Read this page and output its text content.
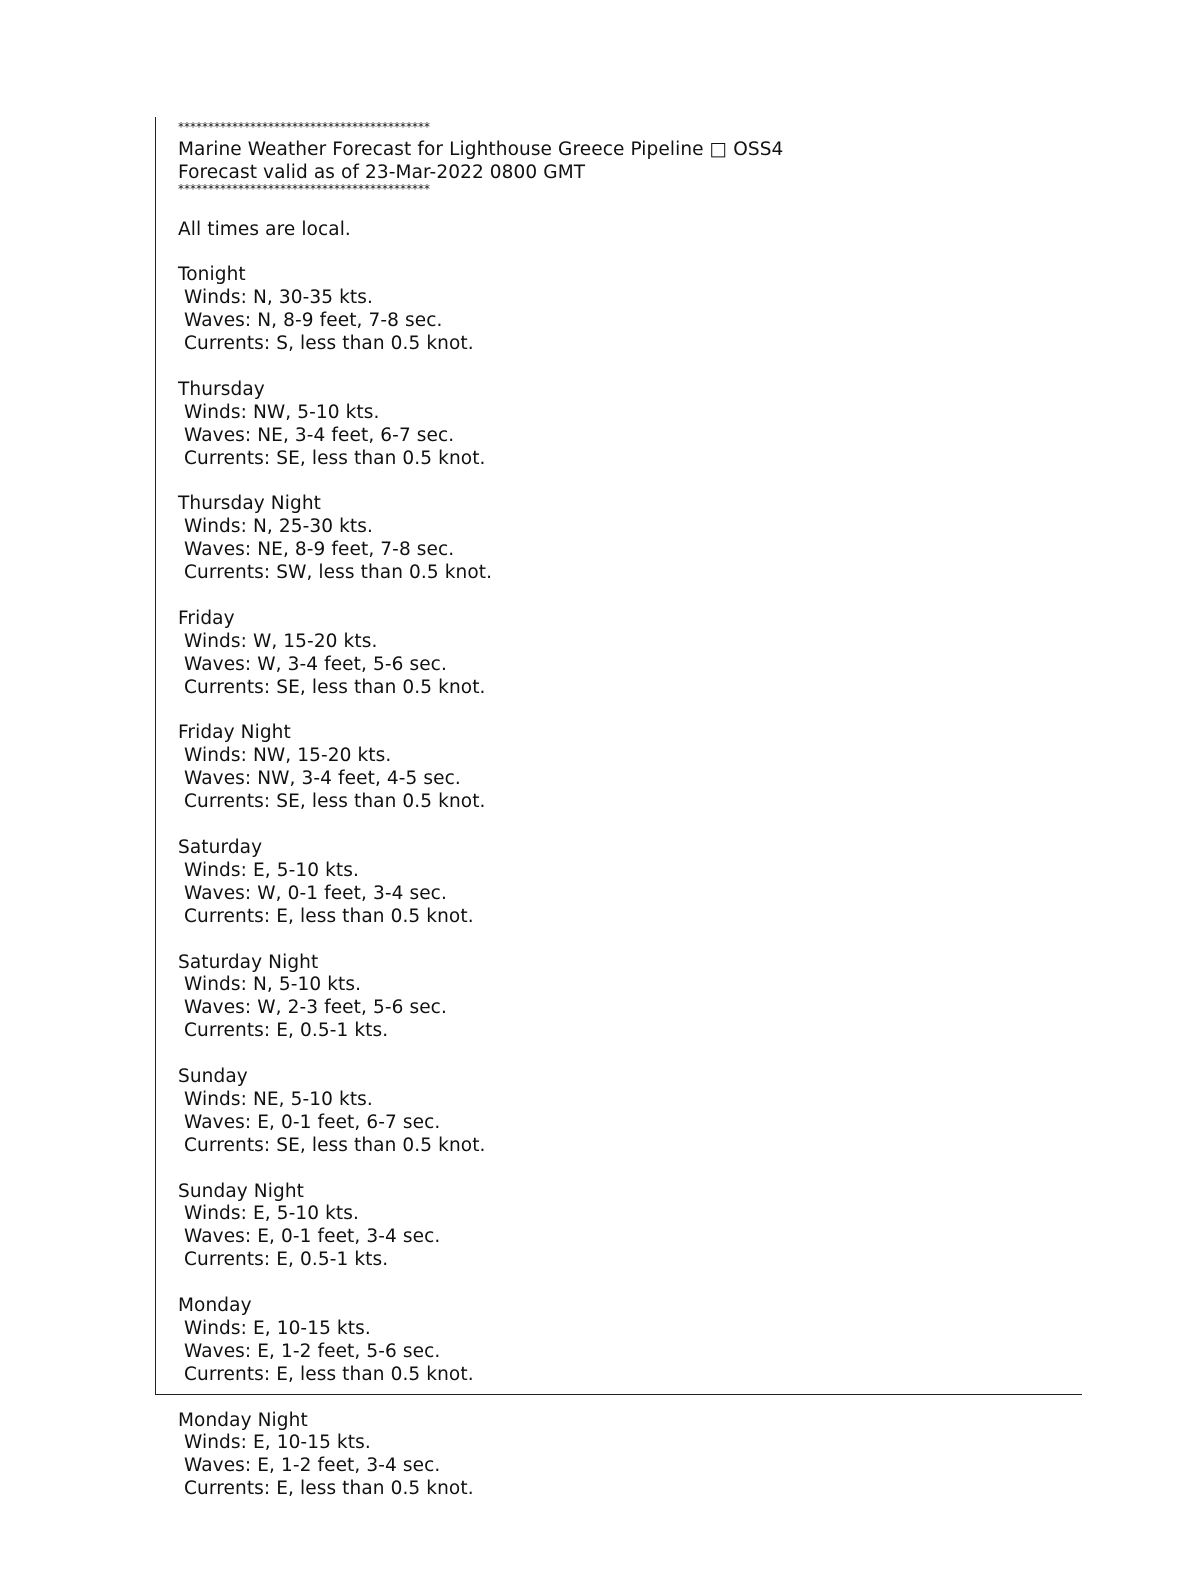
******************************************
Marine Weather Forecast for Lighthouse Greece Pipeline □ OSS4
Forecast valid as of 23-Mar-2022 0800 GMT
******************************************
All times are local.
Tonight
Winds: N, 30-35 kts.
Waves: N, 8-9 feet, 7-8 sec.
Currents: S, less than 0.5 knot.
Thursday
Winds: NW, 5-10 kts.
Waves: NE, 3-4 feet, 6-7 sec.
Currents: SE, less than 0.5 knot.
Thursday Night
Winds: N, 25-30 kts.
Waves: NE, 8-9 feet, 7-8 sec.
Currents: SW, less than 0.5 knot.
Friday
Winds: W, 15-20 kts.
Waves: W, 3-4 feet, 5-6 sec.
Currents: SE, less than 0.5 knot.
Friday Night
Winds: NW, 15-20 kts.
Waves: NW, 3-4 feet, 4-5 sec.
Currents: SE, less than 0.5 knot.
Saturday
Winds: E, 5-10 kts.
Waves: W, 0-1 feet, 3-4 sec.
Currents: E, less than 0.5 knot.
Saturday Night
Winds: N, 5-10 kts.
Waves: W, 2-3 feet, 5-6 sec.
Currents: E, 0.5-1 kts.
Sunday
Winds: NE, 5-10 kts.
Waves: E, 0-1 feet, 6-7 sec.
Currents: SE, less than 0.5 knot.
Sunday Night
Winds: E, 5-10 kts.
Waves: E, 0-1 feet, 3-4 sec.
Currents: E, 0.5-1 kts.
Monday
Winds: E, 10-15 kts.
Waves: E, 1-2 feet, 5-6 sec.
Currents: E, less than 0.5 knot.
Monday Night
Winds: E, 10-15 kts.
Waves: E, 1-2 feet, 3-4 sec.
Currents: E, less than 0.5 knot.
